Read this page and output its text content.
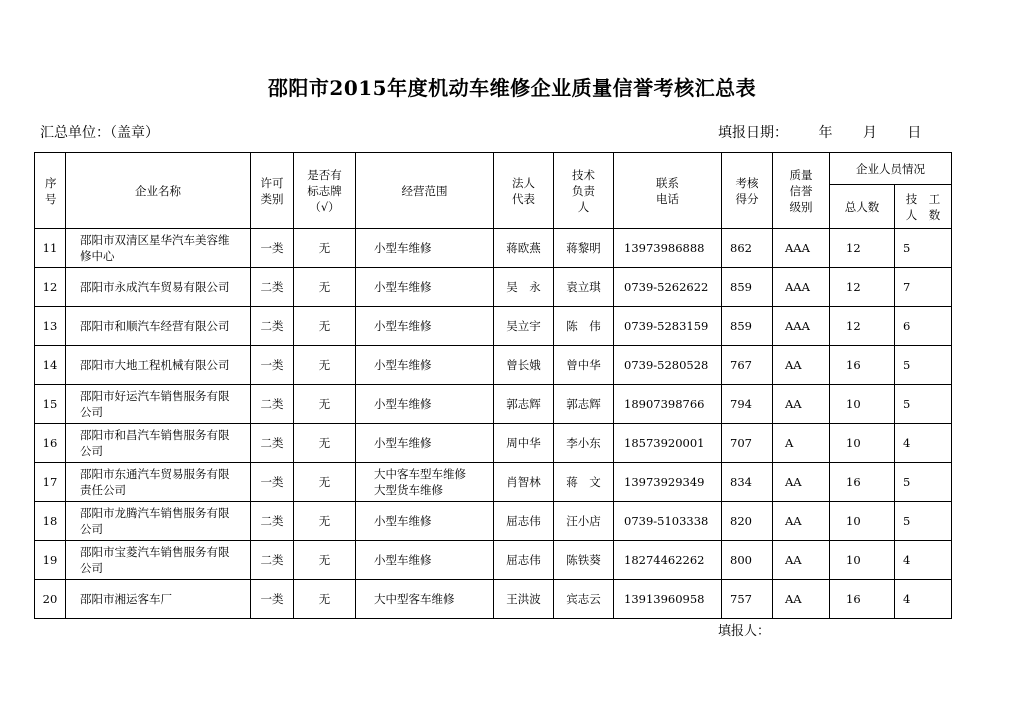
邵阳市2015年度机动车维修企业质量信誉考核汇总表
汇总单位：（盖章）	填报日期： 年 月 日
序号	企业名称	许可类别	是否有标志牌（√）	经营范围	法人代表	技术负责人	联系电话	考核得分	质量信誉级别	企业人员情况	
										总人数	技　工
人　数
11	邵阳市双清区星华汽车美容维修中心	一类	无	小型车维修	蒋欧燕	蒋黎明	13973986888	862	AAA	12	5
12	邵阳市永成汽车贸易有限公司	二类	无	小型车维修	吴　永	袁立琪	0739-5262622	859	AAA	12	7
13	邵阳市和顺汽车经营有限公司	二类	无	小型车维修	吴立宇	陈　伟	0739-5283159	859	AAA	12	6
14	邵阳市大地工程机械有限公司	一类	无	小型车维修	曾长娥	曾中华	0739-5280528	767	AA	16	5
15	邵阳市好运汽车销售服务有限公司	二类	无	小型车维修	郭志辉	郭志辉	18907398766	794	AA	10	5
16	邵阳市和昌汽车销售服务有限公司	二类	无	小型车维修	周中华	李小东	18573920001	707	A	10	4
17	邵阳市东通汽车贸易服务有限责任公司	一类	无	大中客车型车维修
大型货车维修	肖智林	蒋　文	13973929349	834	AA	16	5
18	邵阳市龙腾汽车销售服务有限公司	二类	无	小型车维修	屈志伟	汪小店	0739-5103338	820	AA	10	5
19	邵阳市宝菱汽车销售服务有限公司	二类	无	小型车维修	屈志伟	陈铁葵	18274462262	800	AA	10	4
20	邵阳市湘运客车厂	一类	无	大中型客车维修	王洪波	宾志云	13913960958	757	AA	16	4
填报人：
